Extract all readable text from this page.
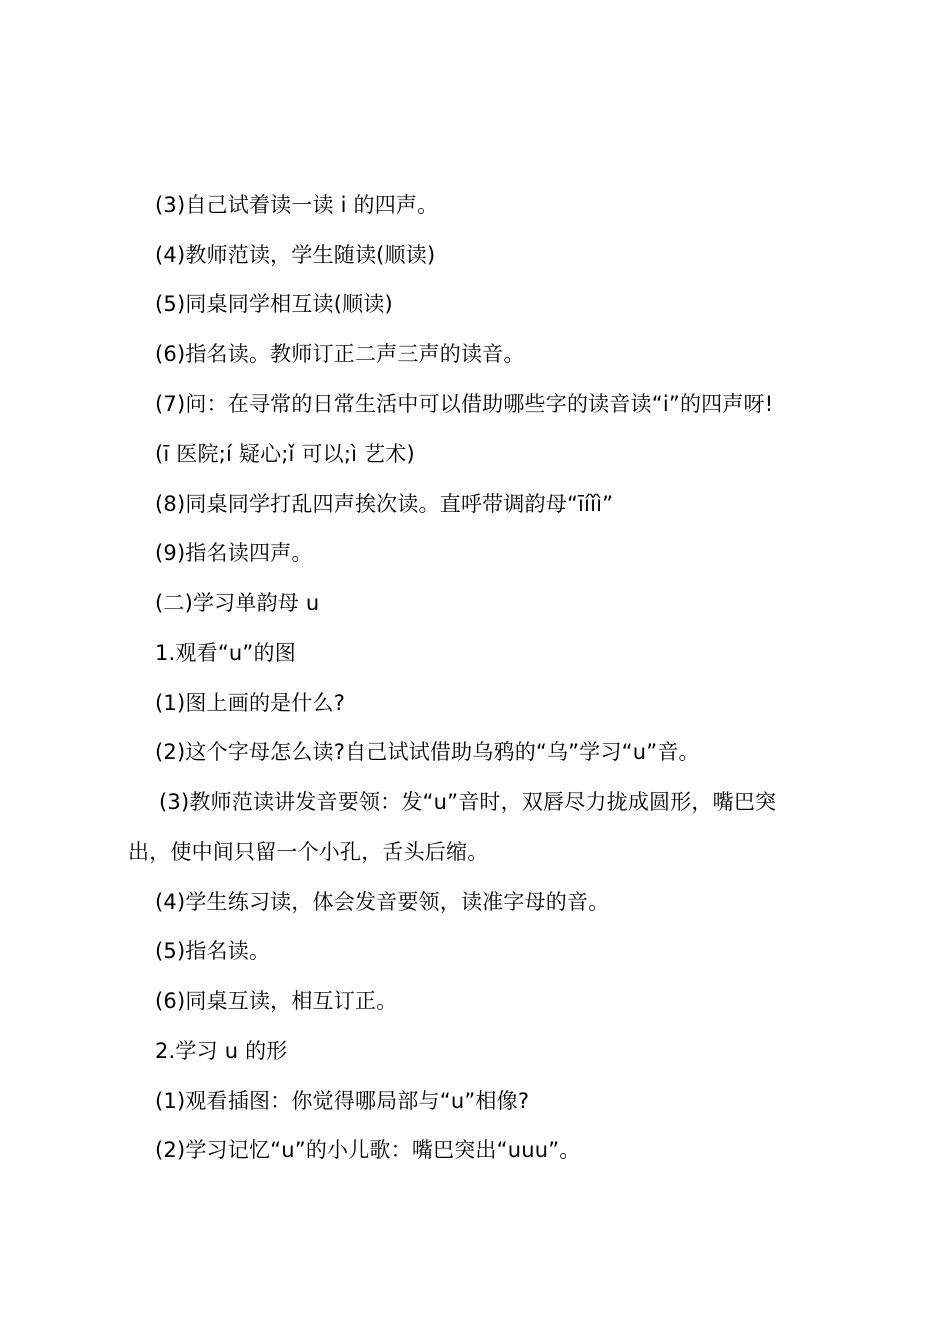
(3)自己试着读一读 i 的四声。
(4)教师范读，学生随读(顺读)
(5)同桌同学相互读(顺读)
(6)指名读。教师订正二声三声的读音。
(7)问：在寻常的日常生活中可以借助哪些字的读音读“i”的四声呀!
(ī 医院;í 疑心;ǐ 可以;ì 艺术)
(8)同桌同学打乱四声挨次读。直呼带调韵母“īíǐì”
(9)指名读四声。
(二)学习单韵母 u
1.观看“u”的图
(1)图上画的是什么?
(2)这个字母怎么读?自己试试借助乌鸦的“乌”学习“u”音。
(3)教师范读讲发音要领：发“u”音时，双唇尽力拢成圆形，嘴巴突
出，使中间只留一个小孔，舌头后缩。
(4)学生练习读，体会发音要领，读准字母的音。
(5)指名读。
(6)同桌互读，相互订正。
2.学习 u 的形
(1)观看插图：你觉得哪局部与“u”相像?
(2)学习记忆“u”的小儿歌：嘴巴突出“uuu”。
